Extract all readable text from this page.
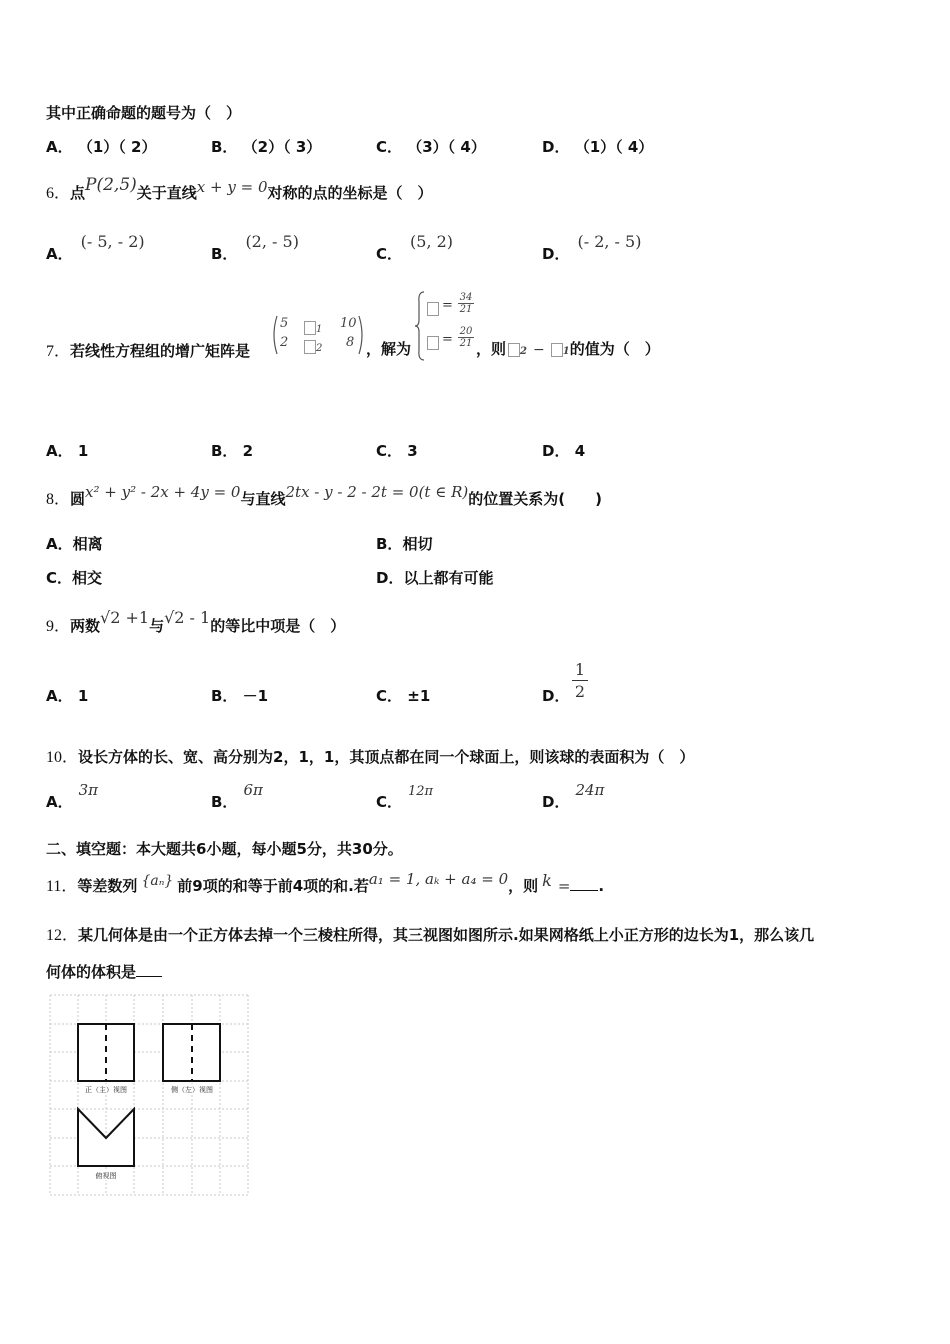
其中正确命题的题号为（　）
A． （1）（ 2）	B． （2）（ 3）	C． （3）（ 4）	D． （1）（ 4）
6．点P(2,5)关于直线x + y = 0对称的点的坐标是（　）
A．(- 5, - 2)
B．(2, - 5)
C．(5, 2)
D．(- 2, - 5)
7．若线性方程组的增广矩阵是
5	1 10
2	2 8 ，解为
=
34
21
=
20
21 ，则 2 − 1的值为（　）
A． 1	B． 2	C． 3	D． 4
8．圆x² + y² - 2x + 4y = 0与直线2tx - y - 2 - 2t = 0(t ∈ R)的位置关系为(　　)
A．相离	B．相切
C．相交	D．以上都有可能
9．两数√2 +1与√2 - 1的等比中项是（　）
A． 1	B． －1	C． ±1	D．
1
2
10．设长方体的长、宽、高分别为2，1，1，其顶点都在同一个球面上，则该球的表面积为（　）
A．3π
B．6π
C．12π
D．24π
二、填空题：本大题共6小题，每小题5分，共30分。
11．等差数列 {aₙ} 前9项的和等于前4项的和.若a₁ = 1, aₖ + a₄ = 0，则 k = .
12．某几何体是由一个正方体去掉一个三棱柱所得，其三视图如图所示.如果网格纸上小正方形的边长为1，那么该几
何体的体积是
正（主）视图	侧（左）视图
俯视图
